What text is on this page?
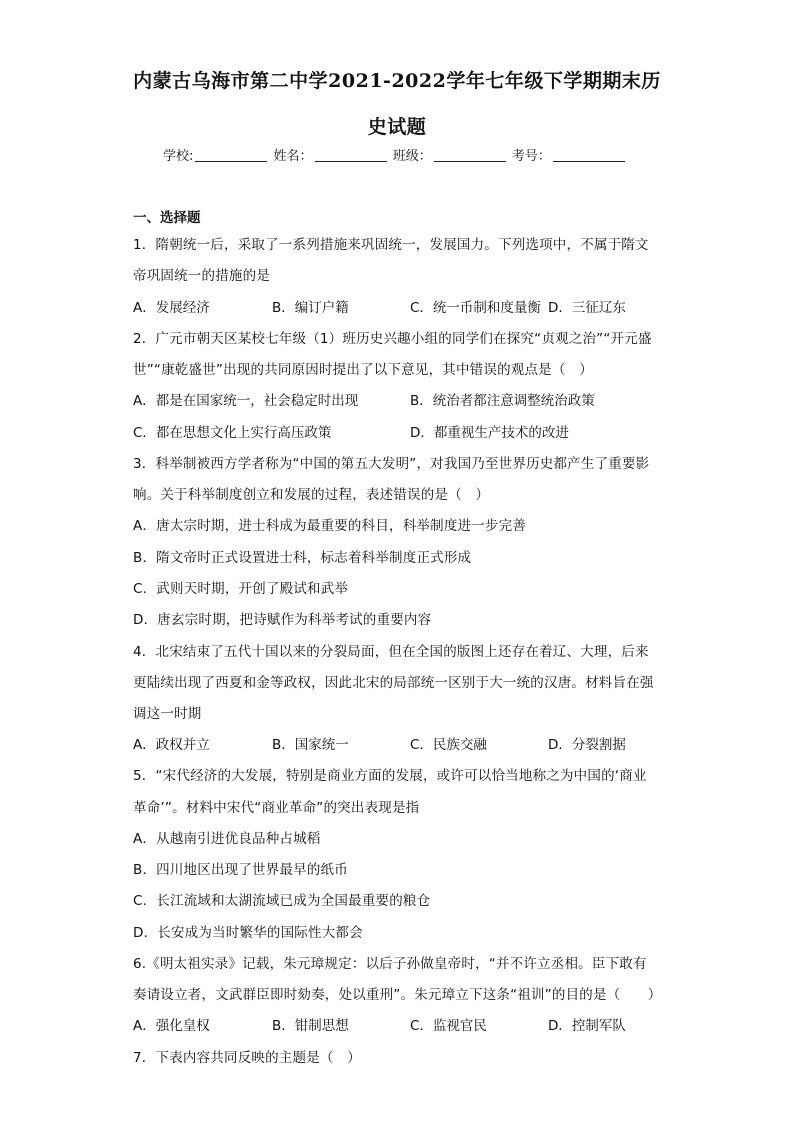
内蒙古乌海市第二中学2021-2022学年七年级下学期期末历
史试题
学校:	姓名：	班级：	考号：
一、选择题
1．隋朝统一后，采取了一系列措施来巩固统一，发展国力。下列选项中，不属于隋文
帝巩固统一的措施的是
A．发展经济	B．编订户籍	C．统一币制和度量衡 D．三征辽东
2．广元市朝天区某校七年级（1）班历史兴趣小组的同学们在探究“贞观之治”“开元盛
世”“康乾盛世”出现的共同原因时提出了以下意见，其中错误的观点是（　）
A．都是在国家统一，社会稳定时出现	B．统治者都注意调整统治政策
C．都在思想文化上实行高压政策	D．都重视生产技术的改进
3．科举制被西方学者称为“中国的第五大发明”，对我国乃至世界历史都产生了重要影
响。关于科举制度创立和发展的过程，表述错误的是（　）
A．唐太宗时期，进士科成为最重要的科目，科举制度进一步完善
B．隋文帝时正式设置进士科，标志着科举制度正式形成
C．武则天时期，开创了殿试和武举
D．唐玄宗时期，把诗赋作为科举考试的重要内容
4．北宋结束了五代十国以来的分裂局面，但在全国的版图上还存在着辽、大理，后来
更陆续出现了西夏和金等政权，因此北宋的局部统一区别于大一统的汉唐。材料旨在强
调这一时期
A．政权并立	B．国家统一	C．民族交融	D．分裂割据
5．“宋代经济的大发展，特别是商业方面的发展，或许可以恰当地称之为中国的‘商业
革命’”。材料中宋代“商业革命”的突出表现是指
A．从越南引进优良品种占城稻
B．四川地区出现了世界最早的纸币
C．长江流域和太湖流域已成为全国最重要的粮仓
D．长安成为当时繁华的国际性大都会
6.《明太祖实录》记载，朱元璋规定：以后子孙做皇帝时，“并不许立丞相。臣下敢有
奏请设立者，文武群臣即时劾奏，处以重刑”。朱元璋立下这条“祖训”的目的是（　　）
A．强化皇权	B．钳制思想	C．监视官民	D．控制军队
7．下表内容共同反映的主题是（　）
